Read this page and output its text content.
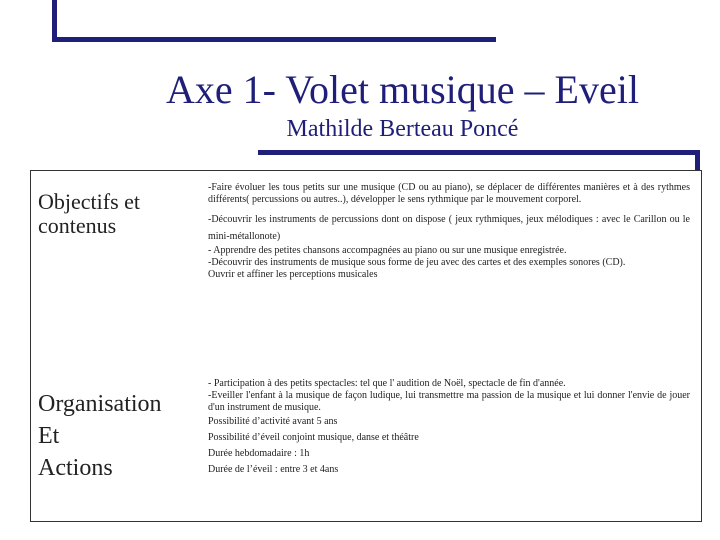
Axe 1- Volet musique – Eveil
Mathilde Berteau Poncé
Objectifs et contenus

-Faire évoluer les tous petits sur une musique (CD ou au piano), se déplacer de différentes manières et à des rythmes différents( percussions ou autres..), développer le sens rythmique par le mouvement corporel.

-Découvrir les instruments de percussions dont on dispose ( jeux rythmiques, jeux mélodiques : avec le Carillon ou le mini-métallonote)

- Apprendre des petites chansons accompagnées au piano ou sur une musique enregistrée.

-Découvrir des instruments de musique sous forme de jeu avec des cartes et des exemples sonores (CD).

Ouvrir et affiner les perceptions musicales

Organisation
Et
Actions

- Participation à des petits spectacles: tel que l' audition de Noël, spectacle de fin d'année.

-Eveiller l'enfant à la musique de façon ludique, lui transmettre ma passion de la musique et lui donner l'envie de jouer d'un instrument de musique.

Possibilité d’activité avant 5 ans

Possibilité d’éveil conjoint musique, danse et théâtre

Durée hebdomadaire : 1h

Durée de l’éveil : entre 3 et 4ans
